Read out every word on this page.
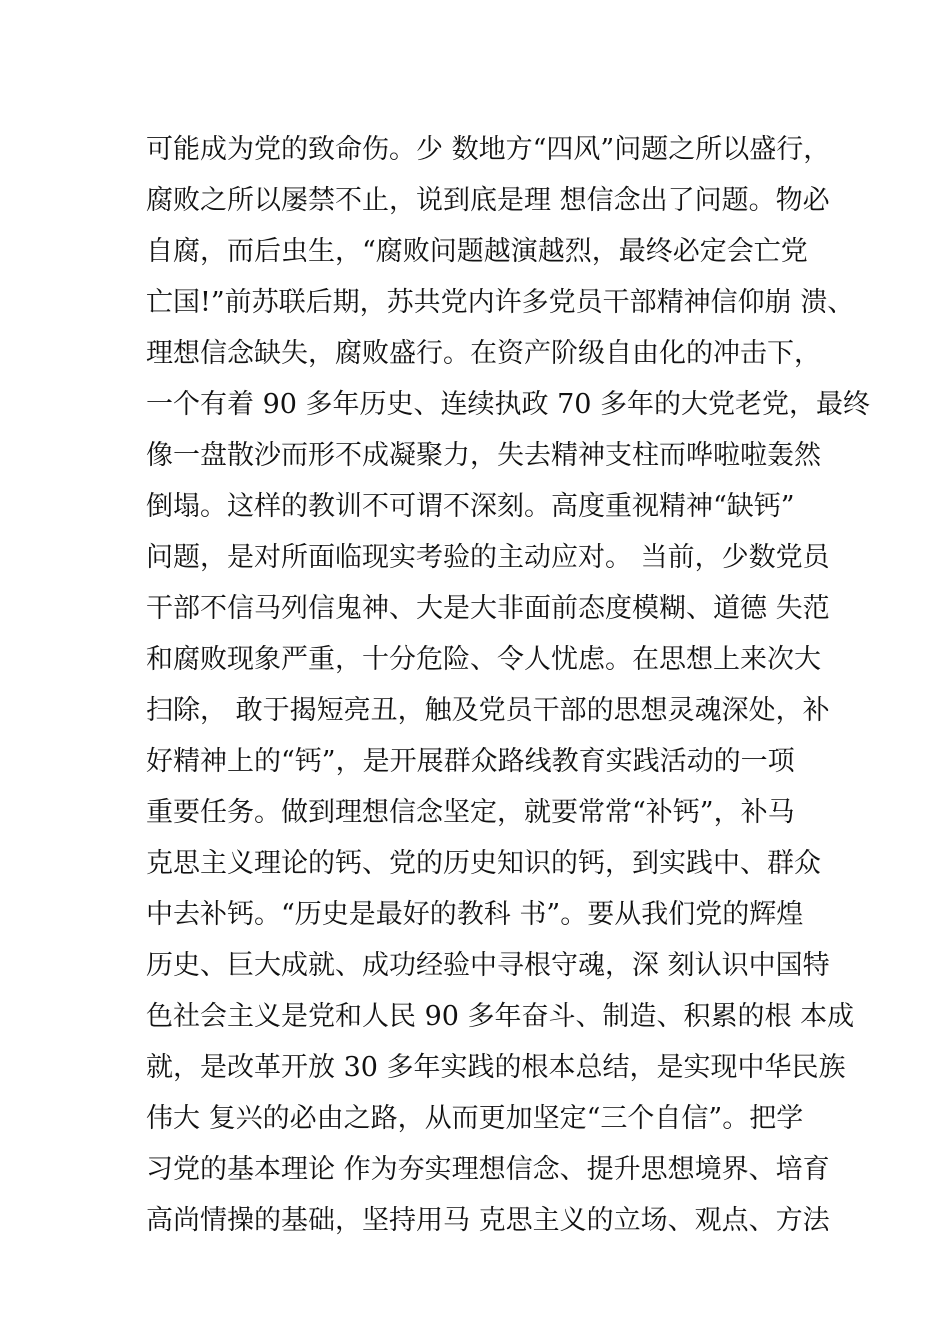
可能成为党的致命伤。少 数地方“四风”问题之所以盛行，
腐败之所以屡禁不止，说到底是理 想信念出了问题。物必
自腐，而后虫生，“腐败问题越演越烈，最终必定会亡党
亡国!”前苏联后期，苏共党内许多党员干部精神信仰崩 溃、
理想信念缺失，腐败盛行。在资产阶级自由化的冲击下，
一个有着 90 多年历史、连续执政 70 多年的大党老党，最终
像一盘散沙而形不成凝聚力，失去精神支柱而哗啦啦轰然
倒塌。这样的教训不可谓不深刻。高度重视精神“缺钙”
问题，是对所面临现实考验的主动应对。 当前，少数党员
干部不信马列信鬼神、大是大非面前态度模糊、道德 失范
和腐败现象严重，十分危险、令人忧虑。在思想上来次大
扫除， 敢于揭短亮丑，触及党员干部的思想灵魂深处，补
好精神上的“钙”，是开展群众路线教育实践活动的一项
重要任务。做到理想信念坚定，就要常常“补钙”，补马
克思主义理论的钙、党的历史知识的钙，到实践中、群众
中去补钙。“历史是最好的教科 书”。要从我们党的辉煌
历史、巨大成就、成功经验中寻根守魂，深 刻认识中国特
色社会主义是党和人民 90 多年奋斗、制造、积累的根 本成
就，是改革开放 30 多年实践的根本总结，是实现中华民族
伟大 复兴的必由之路，从而更加坚定“三个自信”。把学
习党的基本理论 作为夯实理想信念、提升思想境界、培育
高尚情操的基础，坚持用马 克思主义的立场、观点、方法
